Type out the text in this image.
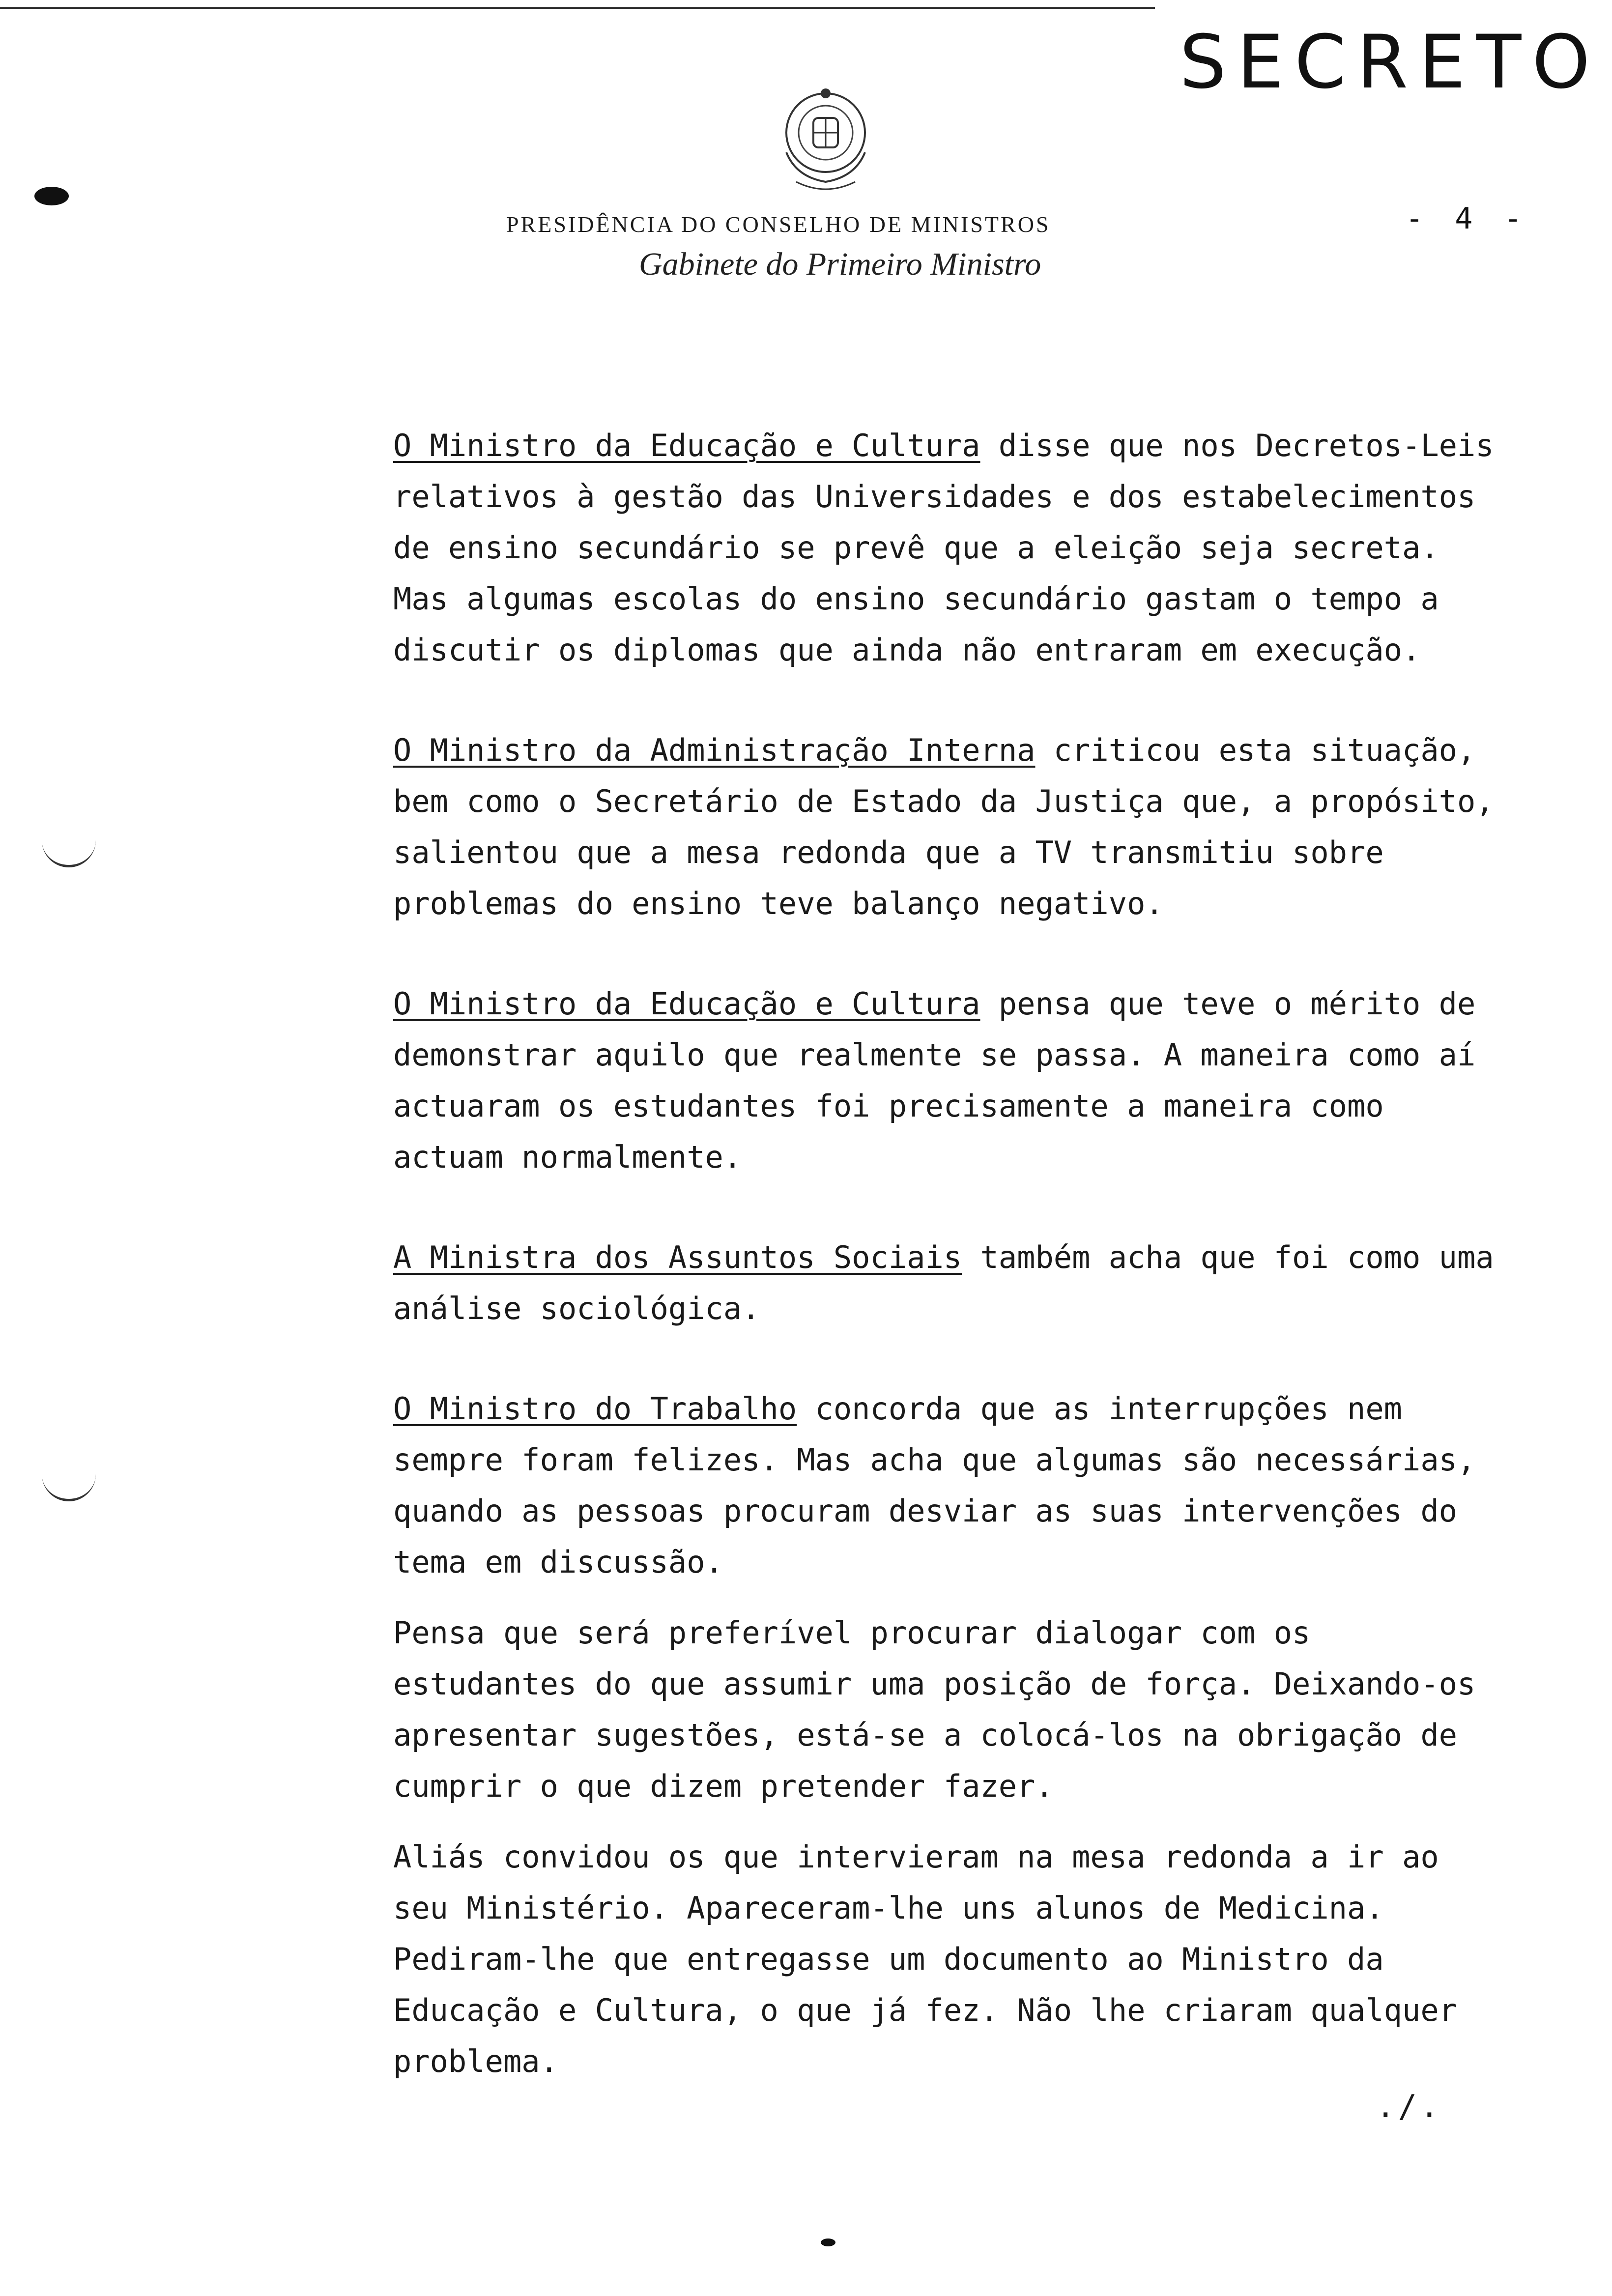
SECRETO
PRESIDÊNCIA DO CONSELHO DE MINISTROS
Gabinete do Primeiro Ministro
- 4 -

O Ministro da Educação e Cultura disse que nos Decretos-Leis relativos à gestão das Universidades e dos estabelecimentos de ensino secundário se prevê que a eleição seja secreta. Mas algumas escolas do ensino secundário gastam o tempo a discutir os diplomas que ainda não entraram em execução.

O Ministro da Administração Interna criticou esta situação, bem como o Secretário de Estado da Justiça que, a propósito, salientou que a mesa redonda que a TV transmitiu sobre problemas do ensino teve balanço negativo.

O Ministro da Educação e Cultura pensa que teve o mérito de demonstrar aquilo que realmente se passa. A maneira como aí actuaram os estudantes foi precisamente a maneira como actuam normalmente.

A Ministra dos Assuntos Sociais também acha que foi como uma análise sociológica.

O Ministro do Trabalho concorda que as interrupções nem sempre foram felizes. Mas acha que algumas são necessárias, quando as pessoas procuram desviar as suas intervenções do tema em discussão.

Pensa que será preferível procurar dialogar com os estudantes do que assumir uma posição de força. Deixando-os apresentar sugestões, está-se a colocá-los na obrigação de cumprir o que dizem pretender fazer.

Aliás convidou os que intervieram na mesa redonda a ir ao seu Ministério. Apareceram-lhe uns alunos de Medicina. Pediram-lhe que entregasse um documento ao Ministro da Educação e Cultura, o que já fez. Não lhe criaram qualquer problema.

./.
